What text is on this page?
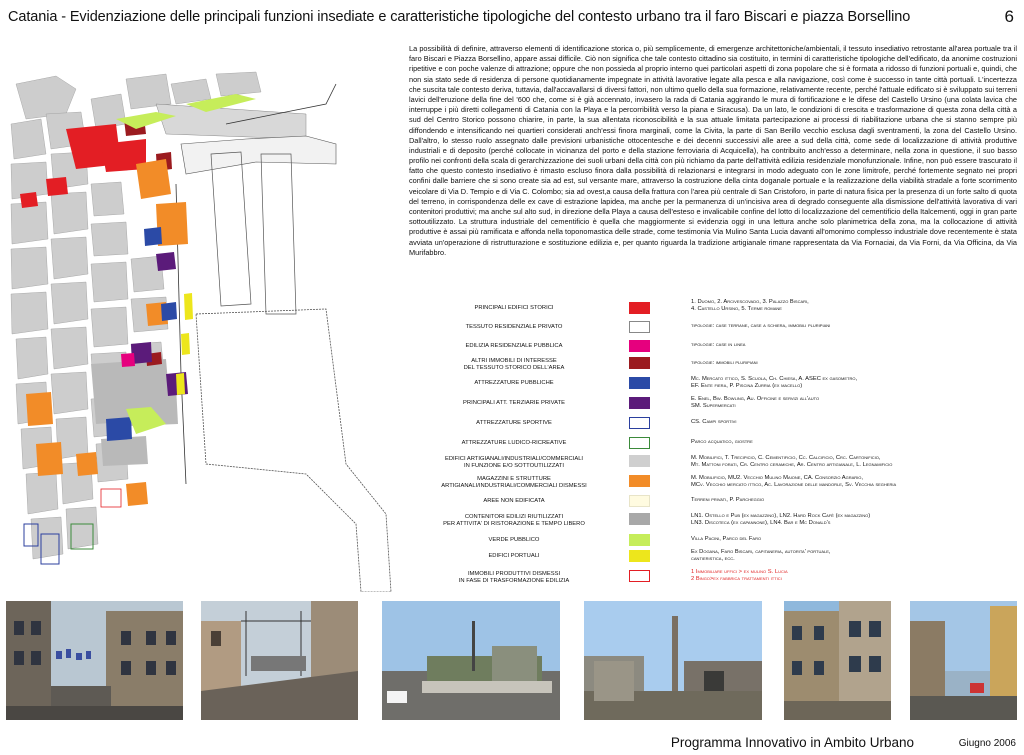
Catania - Evidenziazione delle principali funzioni insediate e caratteristiche tipologiche del contesto urbano tra il faro Biscari e piazza Borsellino	6

La possibilità di definire, attraverso elementi di identificazione storica o, più semplicemente, di emergenze architettoniche/ambientali, il tessuto insediativo retrostante all'area portuale tra il faro Biscari e Piazza Borsellino, appare assai difficile. Ciò non significa che tale contesto cittadino sia costituito, in termini di caratteristiche tipologiche dell'edificato, da anonime costruzioni ripetitive e con poche valenze di attrazione; oppure che non possieda al proprio interno quei particolari aspetti di zona popolare che si è formata a ridosso di funzioni portuali e, quindi, che non sia stato sede di residenza di persone quotidianamente impegnate in attività lavorative legate alla pesca e alla navigazione, così come è successo in tante città portuali. L'incertezza che suscita tale contesto deriva, tuttavia, dall'accavallarsi di diversi fattori, non ultimo quello della sua formazione, relativamente recente, perché l'attuale edificato si è sviluppato sui terreni lavici dell'eruzione della fine del '600 che, come si è già accennato, invasero la rada di Catania aggirando le mura di fortificazione e le difese del Castello Ursino (una colata lavica che interruppe i più diretti collegamenti di Catania con la Playa e la percorribilità verso la piana e Siracusa). Da un lato, le condizioni di crescita e trasformazione di questa zona della città a sud del Centro Storico possono chiarire, in parte, la sua allentata riconoscibilità e la sua attuale limitata partecipazione ai processi di riabilitazione urbana che si stanno sempre più diffondendo e intensificando nei quartieri considerati anch'essi finora marginali, come la Civita, la parte di San Berillo vecchio esclusa dagli sventramenti, la zona del Castello Ursino. Dall'altro, lo stesso ruolo assegnato dalle previsioni urbanistiche ottocentesche e dei decenni successivi alle aree a sud della città, come sede di localizzazione di attività produttive industriali e di deposito (perché collocate in vicinanza del porto e della stazione ferroviaria di Acquicella), ha contribuito anch'esso a determinare, nella zona in questione, il suo basso profilo nei confronti della scala di gerarchizzazione dei suoli urbani della città con più richiamo da parte dell'attività edilizia residenziale monofunzionale. Infine, non può essere trascurato il fatto che questo contesto insediativo è rimasto escluso finora dalla possibilità di relazionarsi e integrarsi in modo adeguato con le zone limitrofe, perché fortemente segnato nei propri confini dalle barriere che si sono create sia ad est, sul versante mare, attraverso la costruzione della cinta doganale portuale e la realizzazione della viabilità stradale a forte scorrimento veicolare di Via D. Tempio e di Via C. Colombo; sia ad ovest,a causa della frattura con l'area più centrale di San Cristoforo, in parte di natura fisica per la presenza di un forte salto di quota del terreno, in corrispondenza delle ex cave di estrazione lapidea, ma anche per la permanenza di un'incisiva area di degrado conseguente alla dismissione dell'attività lavorativa di vari contenitori produttivi; ma anche sul alto sud, in direzione della Playa a causa dell'esteso e invalicabile confine del lotto di localizzazione del cementificio della Italcementi, oggi in gran parte sottoutilizzato. La struttura industriale del cementificio è quella che maggiormente si evidenzia oggi in una lettura anche solo planimetrica della zona, ma la collocazione di attività produttive è assai più ramificata e affonda nella toponomastica delle strade, come testimonia Via Mulino Santa Lucia davanti all'omonimo complesso industriale dove recentemente è stata avviata un'operazione di ristrutturazione e sostituzione edilizia e, per quanto riguarda la tradizione artigianale rimane rappresentata da Via Fornaciai, da Via Forni, da Via Officina, da Via Murifabbro.

PRINCIPALI EDIFICI STORICI
1. Duomo, 2. Arcivescovado, 3. Palazzo Biscari,
4. Castello Ursino, 5. Terme romane
TESSUTO RESIDENZIALE PRIVATO	tipologie: case terrane, case a schiera, immobili pluripiani
EDILIZIA RESIDENZIALE PUBBLICA	tipologie: case in linea
ALTRI IMMOBILI DI INTERESSE
DEL TESSUTO STORICO DELL'AREA
tipologie: immobili pluripiani
ATTREZZATURE PUBBLICHE
Mc. Mercato ittico, S. Scuola, Ch. Chiesa, A. ASEC ex gasometro,
EF. Ente fiera, P. Piscina Zurria (ex macello)
PRINCIPALI ATT. TERZIARIE PRIVATE
E. Enel, Bw. Bowling, Au. Officine e servizi all'auto
SM. Supermercati
ATTREZZATURE SPORTIVE	CS. Campi sportivi
ATTREZZATURE LUDICO-RICREATIVE	Parco acquatico, giostre
EDIFICI ARTIGIANALI/INDUSTRIALI/COMMERCIALI
IN FUNZIONE E/O SOTTOUTILIZZATI
M. Mobilifici, T. Trecipicio, C. Cementificio, Cc. Calcificio, Crc. Cartonificio,
Mt. Mattoni forati, Cr. Centro ceramiche, Ar. Centro artigianale, L. Legnamificio
MAGAZZINI E STRUTTURE
ARTIGIANALI/INDUSTRIALI/COMMERCIALI DISMESSI
M. Mobilificio, MU2. Vecchio Mulino Maione, CA. Consorzio Agrario,
MCv. Vecchio mercato ittico, Ac. Lavorazione delle mandorle, Sv. Vecchia segheria
AREE NON EDIFICATA	Terreni privati, P. Parcheggio
CONTENITORI EDILIZI RIUTILIZZATI
PER ATTIVITA' DI RISTORAZIONE E TEMPO LIBERO
LN1. Ostello e Pub (ex magazzino), LN2. Hard Rock Cafè (ex magazzino)
LN3. Discoteca (ex capannone), LN4. Bar e Mc Donald's
VERDE PUBBLICO	Villa Pacini, Parco del Faro
EDIFICI PORTUALI
Ex Dogana, Faro Biscari, capitaneria, autorita' portuale,
cantieristica, ecc.
IMMOBILI PRODUTTIVI DISMESSI
IN FASE DI TRASFORMAZIONE EDILIZIA
1 Immobiliare uffici > ex mulino S. Lucia
2 Bingo>ex fabbrica trattamenti ittici
Programma Innovativo in Ambito Urbano	Giugno 2006
